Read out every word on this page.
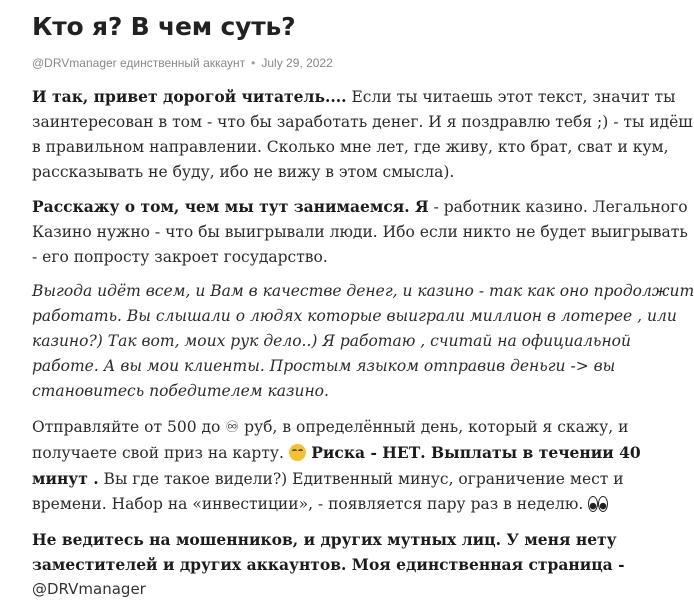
Кто я? В чем суть?
@DRVmanager единственный аккаунт • July 29, 2022

И так, привет дорогой читатель.... Если ты читаешь этот текст, значит ты
заинтересован в том - что бы заработать денег. И я поздравлю тебя ;) - ты идёш
в правильном направлении. Сколько мне лет, где живу, кто брат, сват и кум,
рассказывать не буду, ибо не вижу в этом смысла).

Расскажу о том, чем мы тут занимаемся. Я - работник казино. Легального
Казино нужно - что бы выигрывали люди. Ибо если никто не будет выигрывать
- его попросту закроет государство.

Выгода идёт всем, и Вам в качестве денег, и казино - так как оно продолжит
работать. Вы слышали о людях которые выиграли миллион в лотерее , или
казино?) Так вот, моих рук дело..) Я работаю , считай на официальной
работе. А вы мои клиенты. Простым языком отправив деньги -> вы
становитесь победителем казино.

Отправляйте от 500 до ♾ руб, в определённый день, который я скажу, и
получаете свой приз на карту.  Риска - НЕТ. Выплаты в течении 40
минут . Вы где такое видели?) Едитвенный минус, ограничение мест и
времени. Набор на «инвестиции», - появляется пару раз в неделю.

Не ведитесь на мошенников, и других мутных лиц. У меня нету
заместителей и других аккаунтов. Моя единственная страница -
@DRVmanager
